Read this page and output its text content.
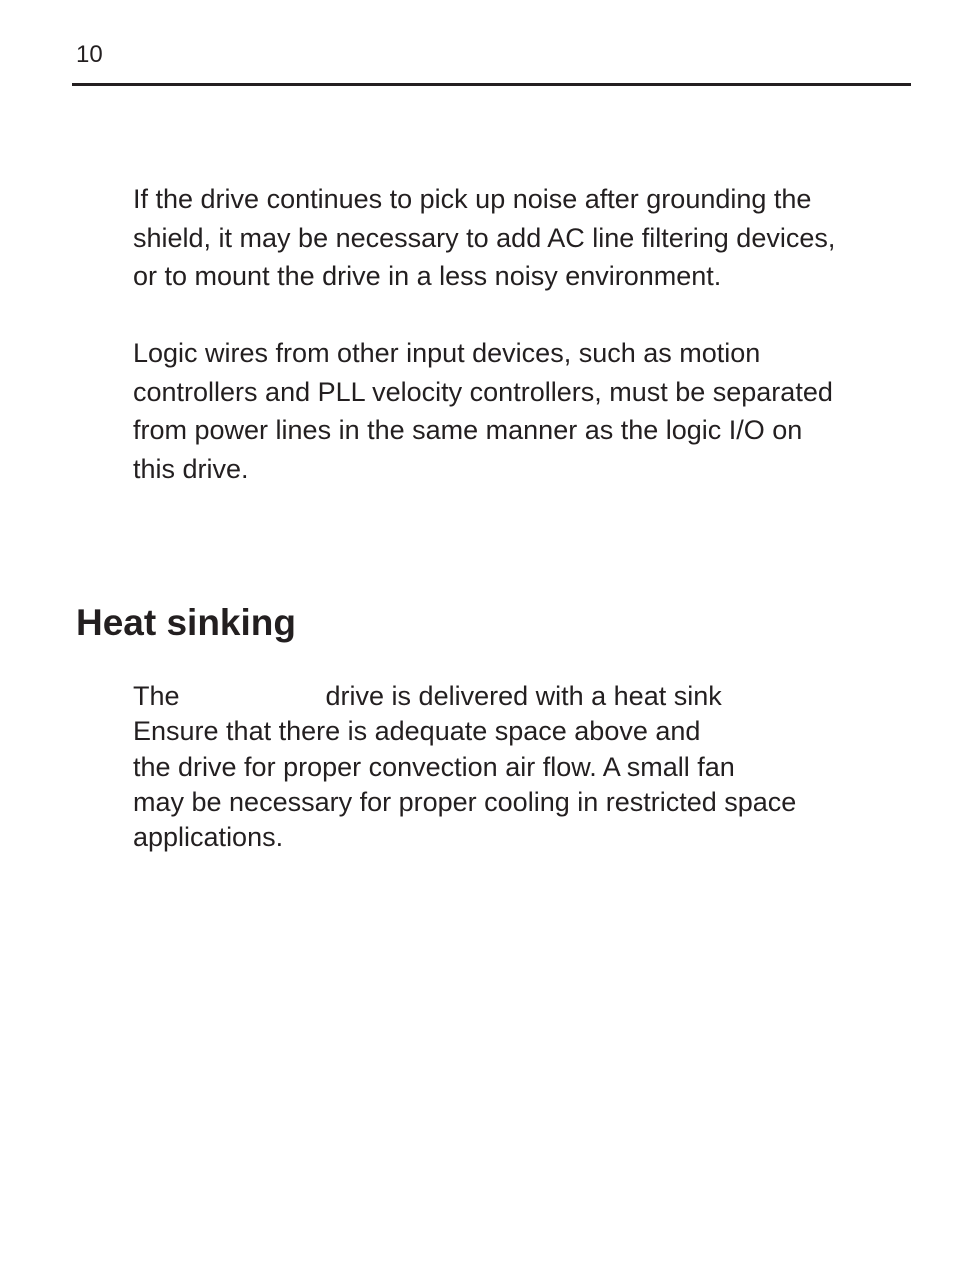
10

If the drive continues to pick up noise after grounding the
shield, it may be necessary to add AC line filtering devices,
or to mount the drive in a less noisy environment.

Logic wires from other input devices, such as motion
controllers and PLL velocity controllers, must be separated
from power lines in the same manner as the logic I/O on
this drive.

Heat sinking

The	drive is delivered with a heat sink
Ensure that there is adequate space above and
the drive for proper convection air flow. A small fan
may be necessary for proper cooling in restricted space
applications.
